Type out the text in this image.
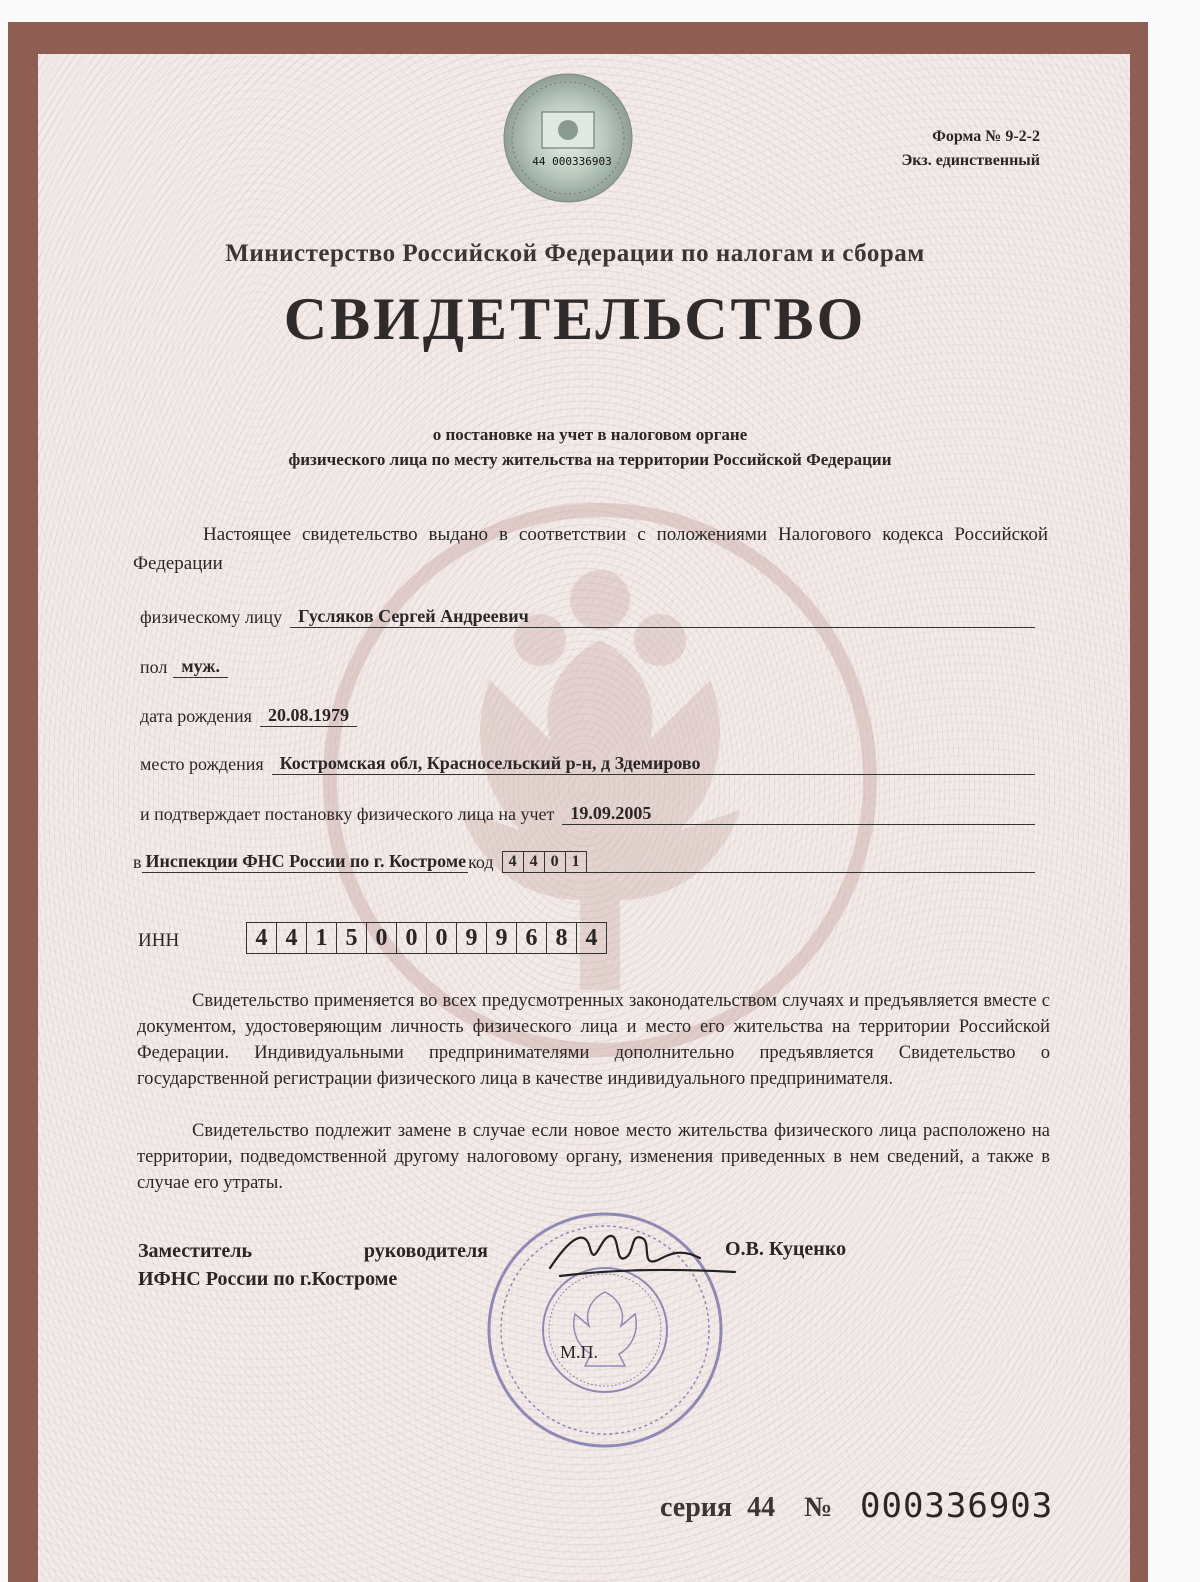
44 000336903
Форма № 9-2-2
Экз. единственный
Министерство Российской Федерации по налогам и сборам
СВИДЕТЕЛЬСТВО
о постановке на учет в налоговом органе
физического лица по месту жительства на территории Российской Федерации
Настоящее свидетельство выдано в соответствии с положениями Налогового кодекса Российской Федерации
физическому лицу Гусляков Сергей Андреевич
пол муж.
дата рождения 20.08.1979
место рождения Костромская обл, Красносельский р-н, д Здемирово
и подтверждает постановку физического лица на учет 19.09.2005
в Инспекции ФНС России по г. Костроме код 4 4 0 1
ИНН	4 4 1 5 0 0 0 9 9 6 8 4
Свидетельство применяется во всех предусмотренных законодательством случаях и предъявляется вместе с документом, удостоверяющим личность физического лица и место его жительства на территории Российской Федерации. Индивидуальными предпринимателями дополнительно предъявляется Свидетельство о государственной регистрации физического лица в качестве индивидуального предпринимателя.
Свидетельство подлежит замене в случае если новое место жительства физического лица расположено на территории, подведомственной другому налоговому органу, изменения приведенных в нем сведений, а также в случае его утраты.
Заместитель	руководителя
ИФНС России по г.Костроме
О.В. Куценко
М.П.
серия 44 № 000336903
